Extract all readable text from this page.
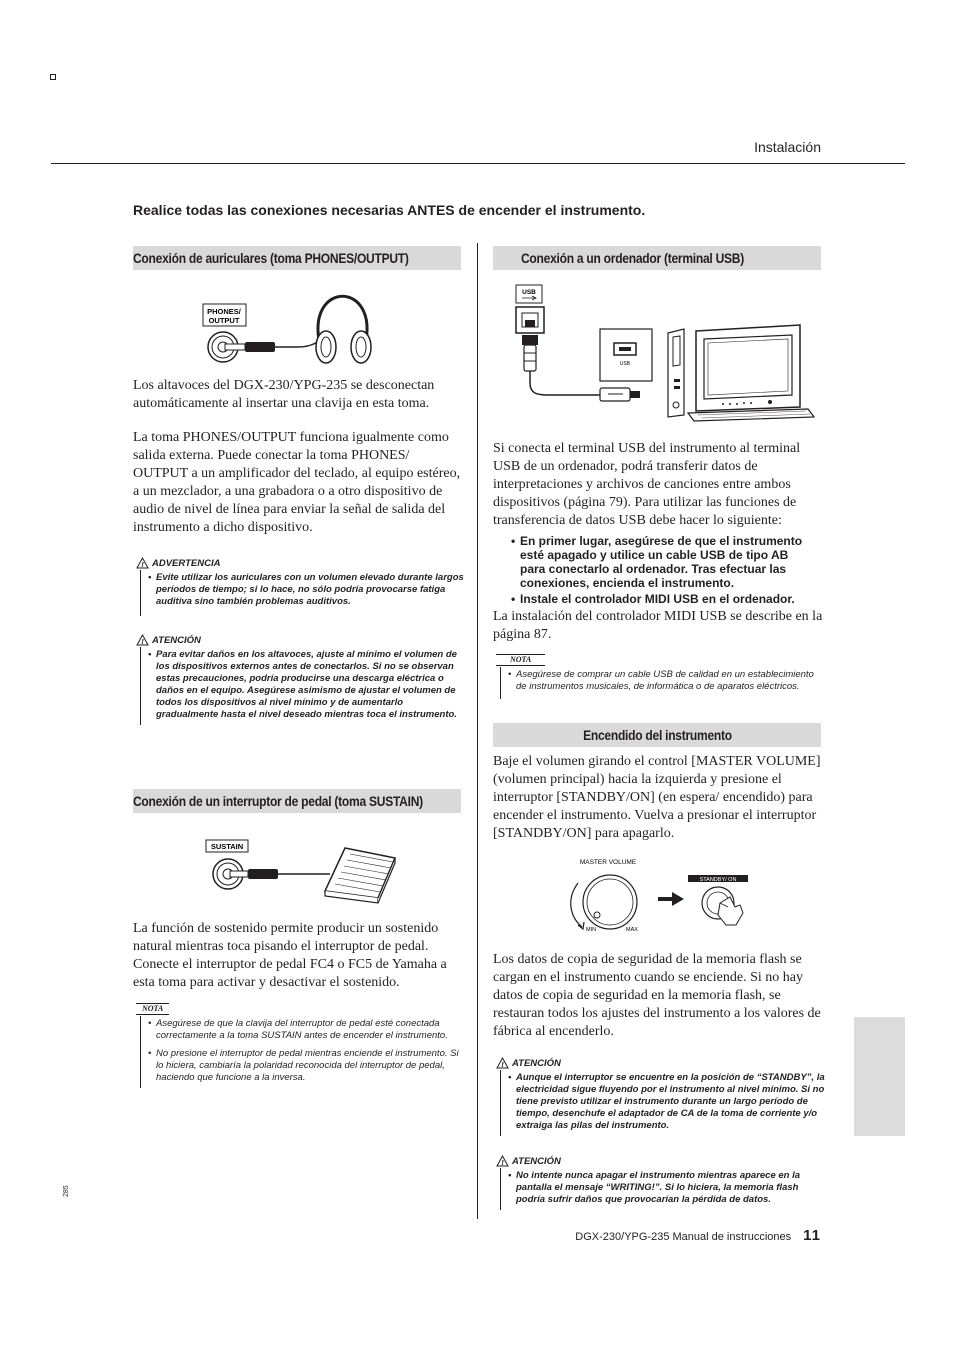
Instalación
Realice todas las conexiones necesarias ANTES de encender el instrumento.
Conexión de auriculares (toma PHONES/OUTPUT)
PHONES/
OUTPUT

Los altavoces del DGX-230/YPG-235 se desconectan automáticamente al insertar una clavija en esta toma.

La toma PHONES/OUTPUT funciona igualmente como salida externa. Puede conectar la toma PHONES/ OUTPUT a un amplificador del teclado, al equipo estéreo, a un mezclador, a una grabadora o a otro dispositivo de audio de nivel de línea para enviar la señal de salida del instrumento a dicho dispositivo.

! ADVERTENCIA
• Evite utilizar los auriculares con un volumen elevado durante largos períodos de tiempo; si lo hace, no sólo podría provocarse fatiga auditiva sino también problemas auditivos.
! ATENCIÓN
• Para evitar daños en los altavoces, ajuste al mínimo el volumen de los dispositivos externos antes de conectarlos. Si no se observan estas precauciones, podría producirse una descarga eléctrica o daños en el equipo. Asegúrese asimismo de ajustar el volumen de todos los dispositivos al nivel mínimo y de aumentarlo gradualmente hasta el nivel deseado mientras toca el instrumento.
Conexión de un interruptor de pedal (toma SUSTAIN)
SUSTAIN

La función de sostenido permite producir un sostenido natural mientras toca pisando el interruptor de pedal. Conecte el interruptor de pedal FC4 o FC5 de Yamaha a esta toma para activar y desactivar el sostenido.

NOTA
• Asegúrese de que la clavija del interruptor de pedal esté conectada correctamente a la toma SUSTAIN antes de encender el instrumento.
• No presione el interruptor de pedal mientras enciende el instrumento. Si lo hiciera, cambiaría la polaridad reconocida del interruptor de pedal, haciendo que funcione a la inversa.
Conexión a un ordenador (terminal USB)
USB
USB

Si conecta el terminal USB del instrumento al terminal USB de un ordenador, podrá transferir datos de interpretaciones y archivos de canciones entre ambos dispositivos (página 79). Para utilizar las funciones de transferencia de datos USB debe hacer lo siguiente:

• En primer lugar, asegúrese de que el instrumento esté apagado y utilice un cable USB de tipo AB para conectarlo al ordenador. Tras efectuar las conexiones, encienda el instrumento.
• Instale el controlador MIDI USB en el ordenador.

La instalación del controlador MIDI USB se describe en la página 87.

NOTA
• Asegúrese de comprar un cable USB de calidad en un establecimiento de instrumentos musicales, de informática o de aparatos eléctricos.
Encendido del instrumento

Baje el volumen girando el control [MASTER VOLUME] (volumen principal) hacia la izquierda y presione el interruptor [STANDBY/ON] (en espera/ encendido) para encender el instrumento. Vuelva a presionar el interruptor [STANDBY/ON] para apagarlo.

MASTER VOLUME
MIN	MAX
STANDBY/ ON

Los datos de copia de seguridad de la memoria flash se cargan en el instrumento cuando se enciende. Si no hay datos de copia de seguridad en la memoria flash, se restauran todos los ajustes del instrumento a los valores de fábrica al encenderlo.

! ATENCIÓN
• Aunque el interruptor se encuentre en la posición de “STANDBY”, la electricidad sigue fluyendo por el instrumento al nivel mínimo. Si no tiene previsto utilizar el instrumento durante un largo período de tiempo, desenchufe el adaptador de CA de la toma de corriente y/o extraiga las pilas del instrumento.
! ATENCIÓN
• No intente nunca apagar el instrumento mientras aparece en la pantalla el mensaje “WRITING!”. Si lo hiciera, la memoria flash podría sufrir daños que provocarían la pérdida de datos.
285
DGX-230/YPG-235 Manual de instrucciones 11
